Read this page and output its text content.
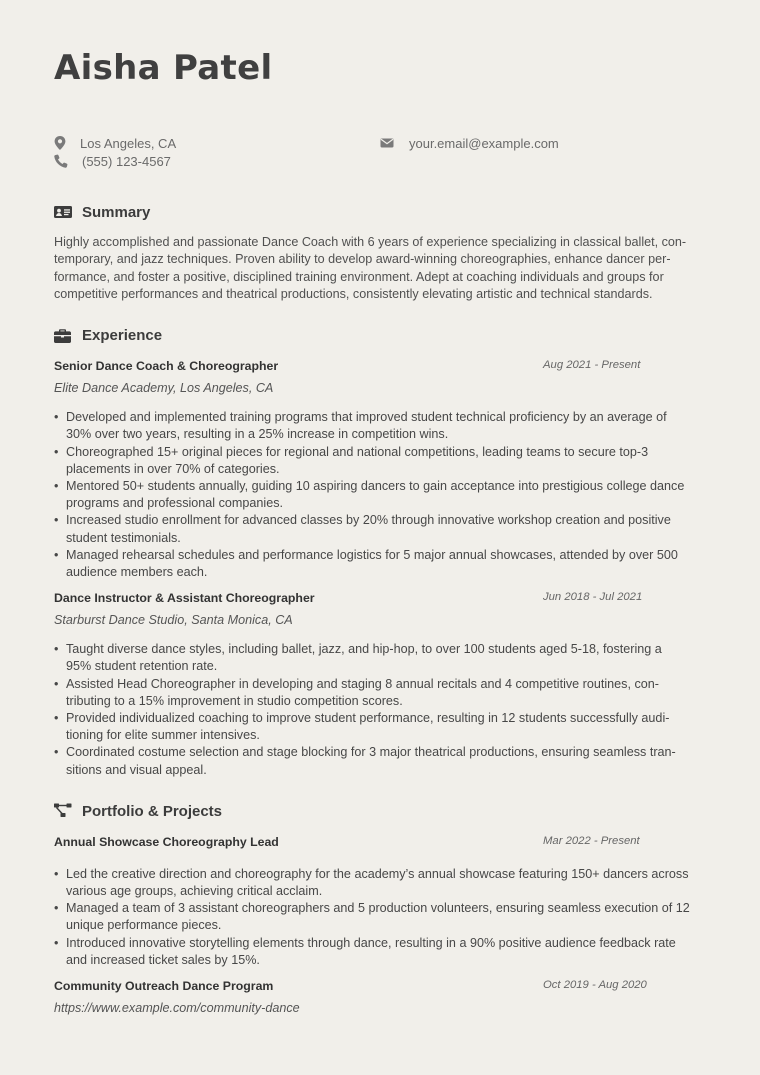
Aisha Patel
Los Angeles, CA
(555) 123-4567
your.email@example.com
Summary
Highly accomplished and passionate Dance Coach with 6 years of experience specializing in classical ballet, con-
temporary, and jazz techniques. Proven ability to develop award-winning choreographies, enhance dancer per-
formance, and foster a positive, disciplined training environment. Adept at coaching individuals and groups for
competitive performances and theatrical productions, consistently elevating artistic and technical standards.
Experience
Senior Dance Coach & Choreographer	Aug 2021 - Present
Elite Dance Academy, Los Angeles, CA
• Developed and implemented training programs that improved student technical proficiency by an average of
30% over two years, resulting in a 25% increase in competition wins.
• Choreographed 15+ original pieces for regional and national competitions, leading teams to secure top-3
placements in over 70% of categories.
• Mentored 50+ students annually, guiding 10 aspiring dancers to gain acceptance into prestigious college dance
programs and professional companies.
• Increased studio enrollment for advanced classes by 20% through innovative workshop creation and positive
student testimonials.
• Managed rehearsal schedules and performance logistics for 5 major annual showcases, attended by over 500
audience members each.
Dance Instructor & Assistant Choreographer	Jun 2018 - Jul 2021
Starburst Dance Studio, Santa Monica, CA
• Taught diverse dance styles, including ballet, jazz, and hip-hop, to over 100 students aged 5-18, fostering a
95% student retention rate.
• Assisted Head Choreographer in developing and staging 8 annual recitals and 4 competitive routines, con-
tributing to a 15% improvement in studio competition scores.
• Provided individualized coaching to improve student performance, resulting in 12 students successfully audi-
tioning for elite summer intensives.
• Coordinated costume selection and stage blocking for 3 major theatrical productions, ensuring seamless tran-
sitions and visual appeal.
Portfolio & Projects
Annual Showcase Choreography Lead	Mar 2022 - Present
• Led the creative direction and choreography for the academy’s annual showcase featuring 150+ dancers across
various age groups, achieving critical acclaim.
• Managed a team of 3 assistant choreographers and 5 production volunteers, ensuring seamless execution of 12
unique performance pieces.
• Introduced innovative storytelling elements through dance, resulting in a 90% positive audience feedback rate
and increased ticket sales by 15%.
Community Outreach Dance Program	Oct 2019 - Aug 2020
https://www.example.com/community-dance
